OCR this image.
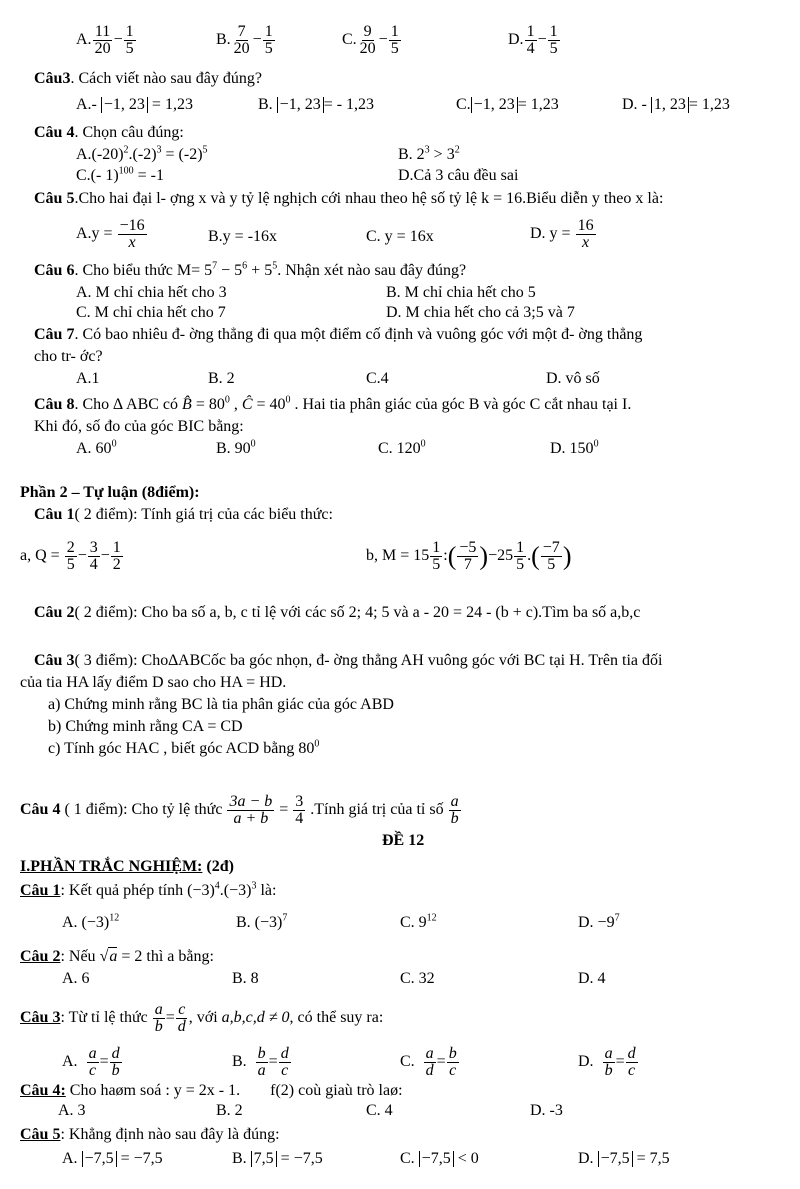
A. $\frac{11}{20} - \frac{1}{5}$	B. $\frac{7}{20} - \frac{1}{5}$	C. $\frac{9}{20} - \frac{1}{5}$	D. $\frac{1}{4} - \frac{1}{5}$
Câu3. Cách viết nào sau đây đúng?
A.- −1, 23 = 1,23	B. −1, 23 = - 1,23	C. −1, 23 = 1,23	D. - 1, 23 = 1,23
Câu 4. Chọn câu đúng:
$A.(-20)^2.(-2)^3 = (-2)^5$	B. $2^3 > 3^2$
C.(- 1)$^{100}$ = -1	D.Cả 3 câu đều sai
Câu 5.Cho hai đại l- ợng x và y tỷ lệ nghịch cới nhau theo hệ số tỷ lệ k = 16.Biểu diễn y theo x là:
$A.y = \frac{-16}{x}$	B.y = -16x	C. y = 16x	D. $y = \frac{16}{x}$
Câu 6. Cho biểu thức $M= 5^7 - 5^6 + 5^5$. Nhận xét nào sau đây đúng?
A. M chỉ chia hết cho 3	B. M chỉ chia hết cho 5
C. M chỉ chia hết cho 7	D. M chia hết cho cả 3;5 và 7
Câu 7. Có bao nhiêu đ- ờng thẳng đi qua một điểm cố định và vuông góc với một đ- ờng thẳng
cho tr- ớc?
A.1	B. 2	C.4	D. vô số
Câu 8. Cho ∆ ABC có B̂ = $80^0$ , Ĉ = $40^0$ . Hai tia phân giác của góc B và góc C cắt nhau tại I.
Khi đó, số đo của góc BIC bằng:
A. $60^0$	B. $90^0$	C. $120^0$	D. $150^0$
Phần 2 – Tự luận (8điểm):
Câu 1( 2 điểm): Tính giá trị của các biểu thức:
a, $Q = \frac{2}{5} - \frac{3}{4} - \frac{1}{2}$	b, $M = 15 \frac{1}{5}$ :( $\frac{-5}{7} )-25 \frac{1}{5}$ .( $\frac{-7}{5}$ )
Câu 2( 2 điểm): Cho ba số a, b, c tỉ lệ với các số 2; 4; 5 và a - 20 = 24 - (b + c).Tìm ba số a,b,c
Câu 3( 3 điểm): Cho∆ABCốc ba góc nhọn, đ- ờng thẳng AH vuông góc với BC tại H. Trên tia đối
của tia HA lấy điểm D sao cho HA = HD.
a) Chứng minh rằng BC là tia phân giác của góc ABD
b) Chứng minh rằng CA = CD
c) Tính góc HAC , biết góc ACD bằng $80^0$
Câu 4 ( 1 điểm): Cho tỷ lệ thức $\frac{3a - b}{a + b} = \frac{3}{4}$ .Tính giá trị của tỉ số $\frac{a}{b}$
ĐỀ 12
I.PHẦN TRẮC NGHIỆM: (2đ)
Câu 1: Kết quả phép tính $(-3)^4.(-3)^3$ là:
A. $(-3)^{12}$	B. $(-3)^7$	C. $9^{12}$	D. $-9^7$
Câu 2: Nếu √a = 2 thì a bằng:
A. 6	B. 8	C. 32	D. 4
Câu 3: Từ tỉ lệ thức $\frac{a}{b} = \frac{c}{d}$ , với a,b,c,d ≠ 0, có thể suy ra:
A. $\frac{a}{c} = \frac{d}{b}$	B. $\frac{b}{a} = \frac{d}{c}$	C. $\frac{a}{d} = \frac{b}{c}$	D. $\frac{a}{b} = \frac{d}{c}$
Câu 4: Cho haøm soá : y = 2x - 1. f(2) coù giaù trò laø:
A. 3	B. 2	C. 4	D. -3
Câu 5: Khẳng định nào sau đây là đúng:
A. −7,5 = −7,5	B. 7,5 = −7,5	C. −7,5 < 0	D. −7,5 = 7,5
